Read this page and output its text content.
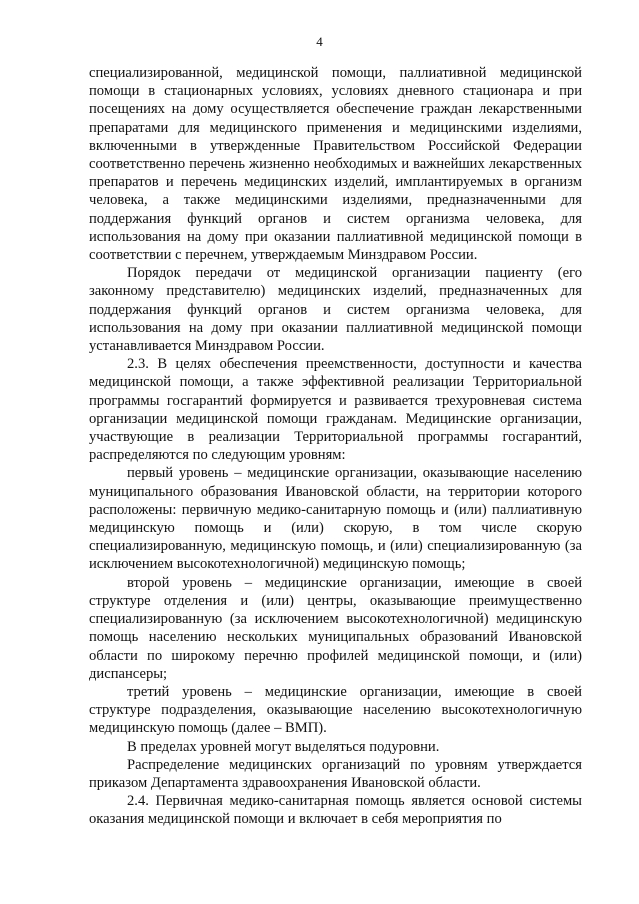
4

специализированной, медицинской помощи, паллиативной медицинской помощи в стационарных условиях, условиях дневного стационара и при посещениях на дому осуществляется обеспечение граждан лекарственными препаратами для медицинского применения и медицинскими изделиями, включенными в утвержденные Правительством Российской Федерации соответственно перечень жизненно необходимых и важнейших лекарственных препаратов и перечень медицинских изделий, имплантируемых в организм человека, а также медицинскими изделиями, предназначенными для поддержания функций органов и систем организма человека, для использования на дому при оказании паллиативной медицинской помощи в соответствии с перечнем, утверждаемым Минздравом России.

Порядок передачи от медицинской организации пациенту (его законному представителю) медицинских изделий, предназначенных для поддержания функций органов и систем организма человека, для использования на дому при оказании паллиативной медицинской помощи устанавливается Минздравом России.

2.3. В целях обеспечения преемственности, доступности и качества медицинской помощи, а также эффективной реализации Территориальной программы госгарантий формируется и развивается трехуровневая система организации медицинской помощи гражданам. Медицинские организации, участвующие в реализации Территориальной программы госгарантий, распределяются по следующим уровням:

первый уровень – медицинские организации, оказывающие населению муниципального образования Ивановской области, на территории которого расположены: первичную медико-санитарную помощь и (или) паллиативную медицинскую помощь и (или) скорую, в том числе скорую специализированную, медицинскую помощь, и (или) специализированную (за исключением высокотехнологичной) медицинскую помощь;

второй уровень – медицинские организации, имеющие в своей структуре отделения и (или) центры, оказывающие преимущественно специализированную (за исключением высокотехнологичной) медицинскую помощь населению нескольких муниципальных образований Ивановской области по широкому перечню профилей медицинской помощи, и (или) диспансеры;

третий уровень – медицинские организации, имеющие в своей структуре подразделения, оказывающие населению высокотехнологичную медицинскую помощь (далее – ВМП).

В пределах уровней могут выделяться подуровни.

Распределение медицинских организаций по уровням утверждается приказом Департамента здравоохранения Ивановской области.

2.4. Первичная медико-санитарная помощь является основой системы оказания медицинской помощи и включает в себя мероприятия по
